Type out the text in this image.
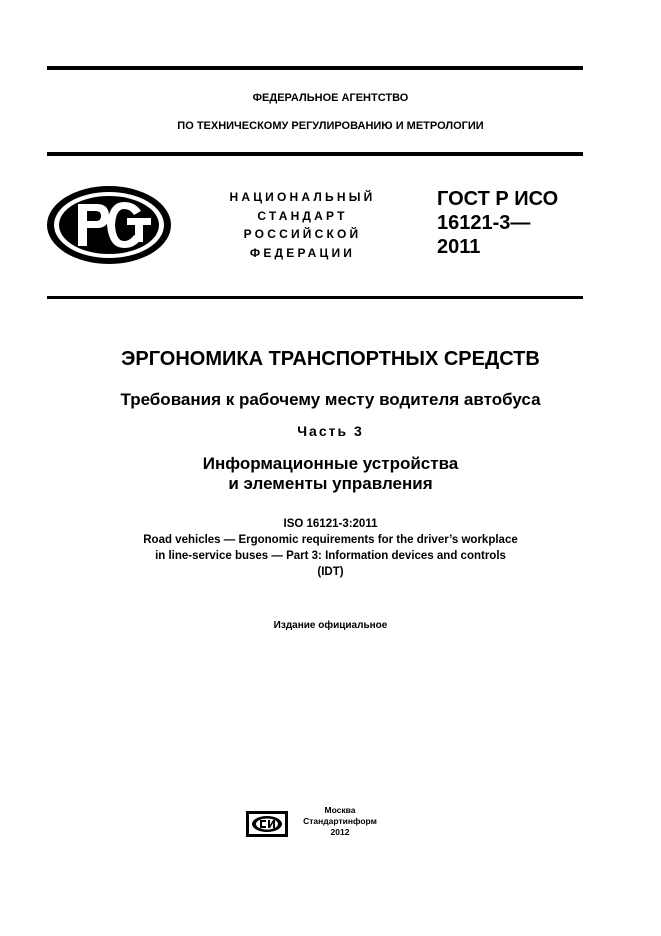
ФЕДЕРАЛЬНОЕ АГЕНТСТВО
ПО ТЕХНИЧЕСКОМУ РЕГУЛИРОВАНИЮ И МЕТРОЛОГИИ
НАЦИОНАЛЬНЫЙ
СТАНДАРТ
РОССИЙСКОЙ
ФЕДЕРАЦИИ
ГОСТ Р ИСО
16121-3—
2011
ЭРГОНОМИКА ТРАНСПОРТНЫХ СРЕДСТВ
Требования к рабочему месту водителя автобуса
Часть 3
Информационные устройства
и элементы управления
ISO 16121-3:2011
Road vehicles — Ergonomic requirements for the driver’s workplace
in line-service buses — Part 3: Information devices and controls
(IDT)
Издание официальное
Москва
Стандартинформ
2012
